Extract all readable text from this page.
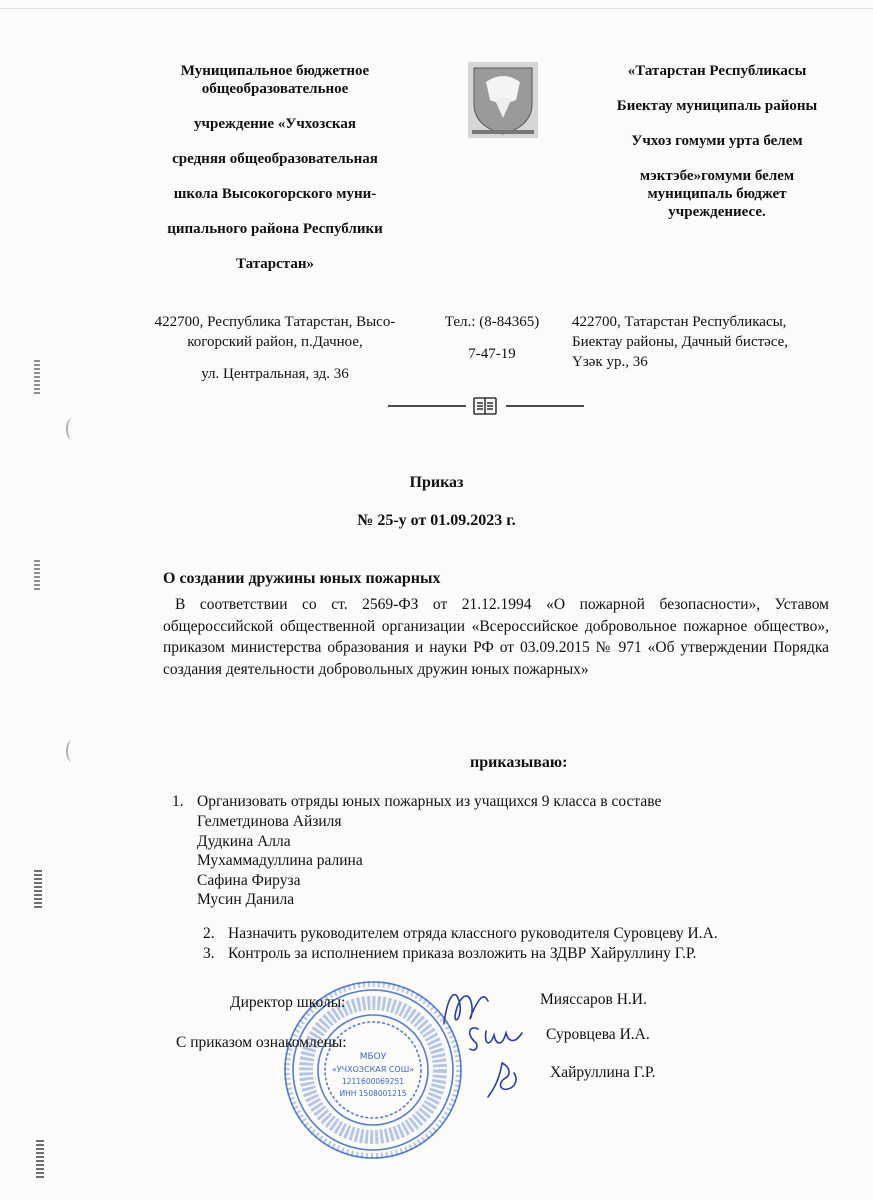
Муниципальное бюджетное
общеобразовательное
учреждение «Учхозская
средняя общеобразовательная
школа Высокогорского муни-
ципального района Республики
Татарстан»
«Татарстан Республикасы
Биектау муниципаль районы
Учхоз гомуми урта белем
мэктэбе»гомуми белем
муниципаль бюджет
учреждениесе.
422700, Республика Татарстан, Высо-
когорский район, п.Дачное,
ул. Центральная, зд. 36
Тел.: (8-84365)
7-47-19
422700, Татарстан Республикасы,
Биектау районы, Дачный бистәсе,
Үзәк ур., 36
Приказ
№ 25-у от 01.09.2023 г.
О создании дружины юных пожарных
В соответствии со ст. 2569-ФЗ от 21.12.1994 «О пожарной безопасности», Уставом общероссийской общественной организации «Всероссийское добровольное пожарное общество», приказом министерства образования и науки РФ от 03.09.2015 № 971 «Об утверждении Порядка создания деятельности добровольных дружин юных пожарных»
приказываю:
1. Организовать отряды юных пожарных из учащихся 9 класса в составе
Гелметдинова Айзиля
Дудкина Алла
Мухаммадуллина ралина
Сафина Фируза
Мусин Данила
2. Назначить руководителем отряда классного руководителя Суровцеву И.А.
3. Контроль за исполнением приказа возложить на ЗДВР Хайруллину Г.Р.
МБОУ
«УЧХОЗСКАЯ СОШ»
1211600069251
ИНН 1508001215
Директор школы:	Мияссаров Н.И.
С приказом ознакомлены:	Суровцева И.А.
Хайруллина Г.Р.
